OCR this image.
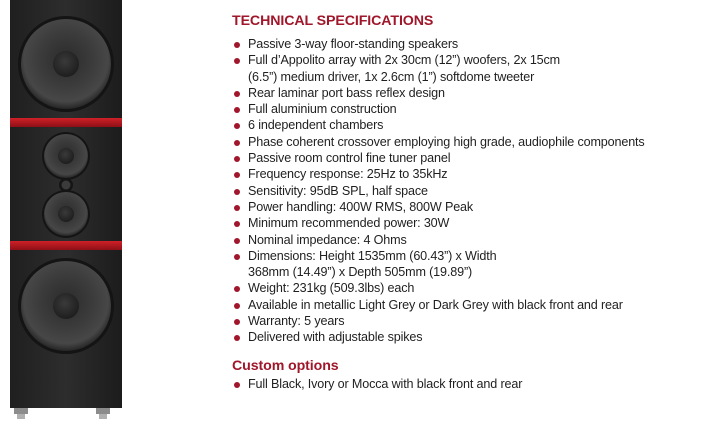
TECHNICAL SPECIFICATIONS
Passive 3-way floor-standing speakers
Full d’Appolito array with 2x 30cm (12”) woofers, 2x 15cm
(6.5”) medium driver, 1x 2.6cm (1”) softdome tweeter
Rear laminar port bass reflex design
Full aluminium construction
6 independent chambers
Phase coherent crossover employing high grade, audiophile components
Passive room control fine tuner panel
Frequency response: 25Hz to 35kHz
Sensitivity: 95dB SPL, half space
Power handling: 400W RMS, 800W Peak
Minimum recommended power: 30W
Nominal impedance: 4 Ohms
Dimensions: Height 1535mm (60.43”) x Width
368mm (14.49”) x Depth 505mm (19.89”)
Weight: 231kg (509.3lbs) each
Available in metallic Light Grey or Dark Grey with black front and rear
Warranty: 5 years
Delivered with adjustable spikes
Custom options
Full Black, Ivory or Mocca with black front and rear
